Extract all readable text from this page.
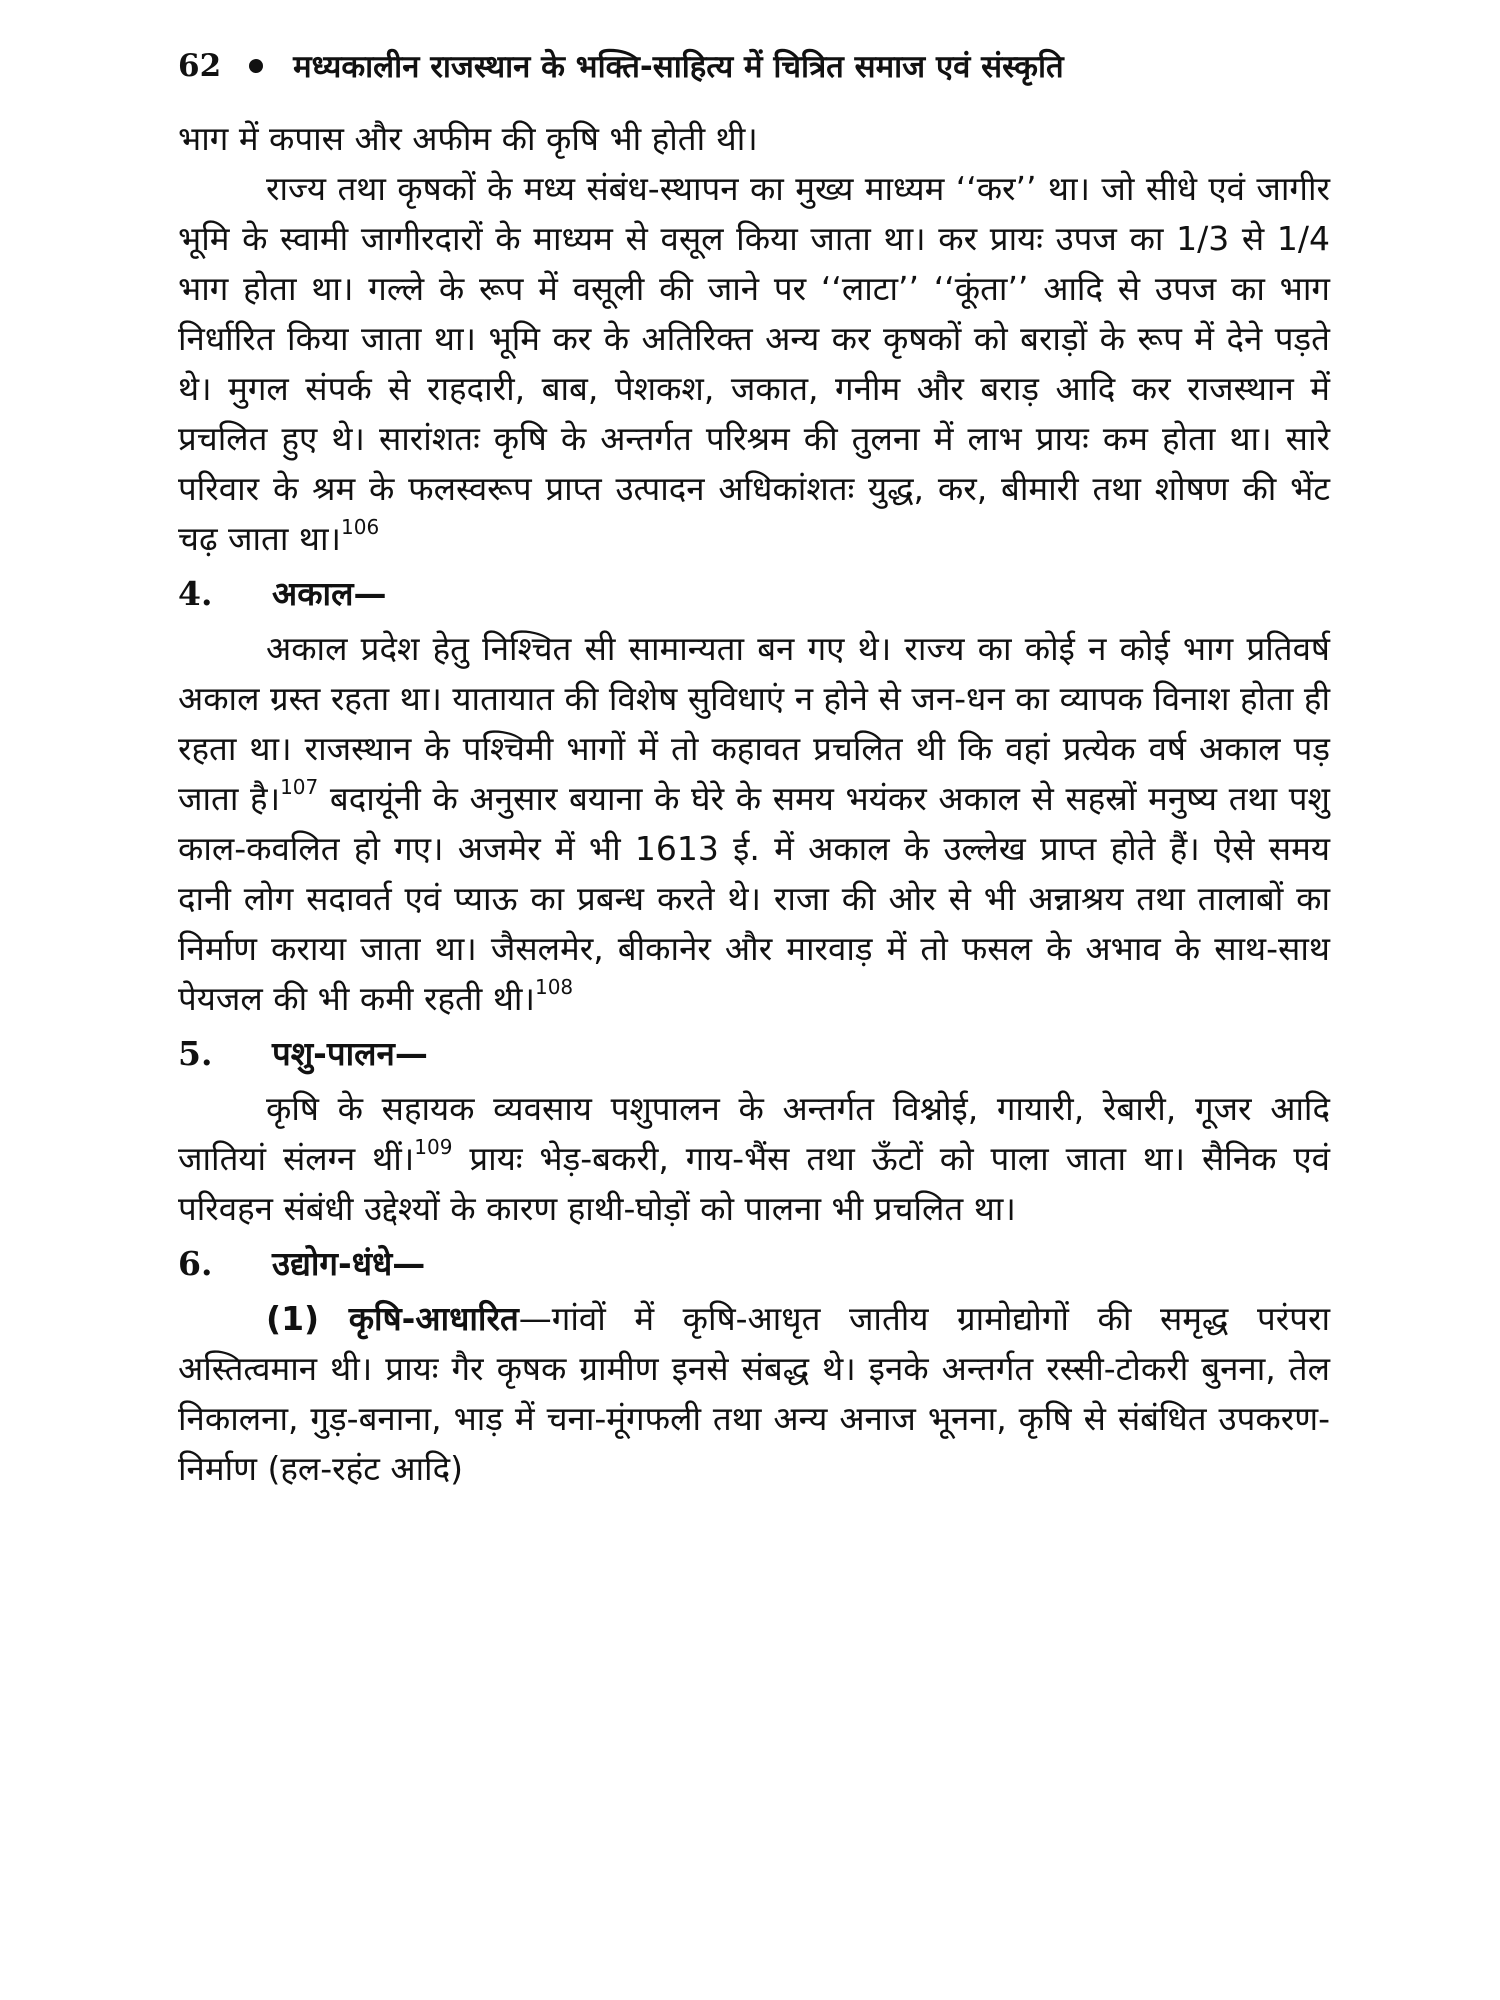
62 मध्यकालीन राजस्थान के भक्ति-साहित्य में चित्रित समाज एवं संस्कृति

भाग में कपास और अफीम की कृषि भी होती थी।

राज्य तथा कृषकों के मध्य संबंध-स्थापन का मुख्य माध्यम ‘‘कर’’ था। जो सीधे एवं जागीर भूमि के स्वामी जागीरदारों के माध्यम से वसूल किया जाता था। कर प्रायः उपज का 1/3 से 1/4 भाग होता था। गल्ले के रूप में वसूली की जाने पर ‘‘लाटा’’ ‘‘कूंता’’ आदि से उपज का भाग निर्धारित किया जाता था। भूमि कर के अतिरिक्त अन्य कर कृषकों को बराड़ों के रूप में देने पड़ते थे। मुगल संपर्क से राहदारी, बाब, पेशकश, जकात, गनीम और बराड़ आदि कर राजस्थान में प्रचलित हुए थे। सारांशतः कृषि के अन्तर्गत परिश्रम की तुलना में लाभ प्रायः कम होता था। सारे परिवार के श्रम के फलस्वरूप प्राप्त उत्पादन अधिकांशतः युद्ध, कर, बीमारी तथा शोषण की भेंट चढ़ जाता था।$^{106}$

4.	अकाल—

अकाल प्रदेश हेतु निश्चित सी सामान्यता बन गए थे। राज्य का कोई न कोई भाग प्रतिवर्ष अकाल ग्रस्त रहता था। यातायात की विशेष सुविधाएं न होने से जन-धन का व्यापक विनाश होता ही रहता था। राजस्थान के पश्चिमी भागों में तो कहावत प्रचलित थी कि वहां प्रत्येक वर्ष अकाल पड़ जाता है।$^{107}$ बदायूंनी के अनुसार बयाना के घेरे के समय भयंकर अकाल से सहस्रों मनुष्य तथा पशु काल-कवलित हो गए। अजमेर में भी 1613 ई. में अकाल के उल्लेख प्राप्त होते हैं। ऐसे समय दानी लोग सदावर्त एवं प्याऊ का प्रबन्ध करते थे। राजा की ओर से भी अन्नाश्रय तथा तालाबों का निर्माण कराया जाता था। जैसलमेर, बीकानेर और मारवाड़ में तो फसल के अभाव के साथ-साथ पेयजल की भी कमी रहती थी।$^{108}$

5.	पशु-पालन—

कृषि के सहायक व्यवसाय पशुपालन के अन्तर्गत विश्नोई, गायारी, रेबारी, गूजर आदि जातियां संलग्न थीं।$^{109}$ प्रायः भेड़-बकरी, गाय-भैंस तथा ऊँटों को पाला जाता था। सैनिक एवं परिवहन संबंधी उद्देश्यों के कारण हाथी-घोड़ों को पालना भी प्रचलित था।

6.	उद्योग-धंधे—

(1) कृषि-आधारित—गांवों में कृषि-आधृत जातीय ग्रामोद्योगों की समृद्ध परंपरा अस्तित्वमान थी। प्रायः गैर कृषक ग्रामीण इनसे संबद्ध थे। इनके अन्तर्गत रस्सी-टोकरी बुनना, तेल निकालना, गुड़-बनाना, भाड़ में चना-मूंगफली तथा अन्य अनाज भूनना, कृषि से संबंधित उपकरण-निर्माण (हल-रहंट आदि)
